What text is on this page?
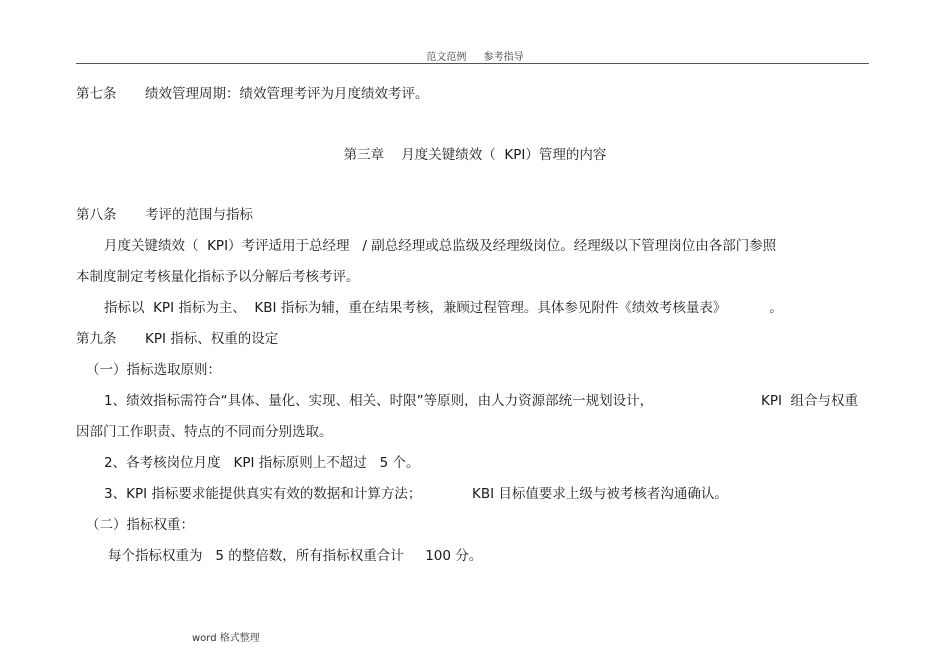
范文范例 参考指导
第七条 绩效管理周期：绩效管理考评为月度绩效考评。
第三章    月度关键绩效（  KPI）管理的内容
第八条 考评的范围与指标
月度关键绩效（  KPI）考评适用于总经理   / 副总经理或总监级及经理级岗位。经理级以下管理岗位由各部门参照
本制度制定考核量化指标予以分解后考核考评。
指标以  KPI 指标为主、  KBI 指标为辅，重在结果考核，兼顾过程管理。具体参见附件《绩效考核量表》          。
第九条 KPI 指标、权重的设定
（一）指标选取原则：
1、绩效指标需符合“具体、量化、实现、相关、时限”等原则，由人力资源部统一规划设计，	KPI  组合与权重
因部门工作职责、特点的不同而分别选取。
2、各考核岗位月度   KPI 指标原则上不超过   5 个。
3、KPI 指标要求能提供真实有效的数据和计算方法；	KBI 目标值要求上级与被考核者沟通确认。
（二）指标权重：
每个指标权重为   5 的整倍数，所有指标权重合计     100 分。
word 格式整理
